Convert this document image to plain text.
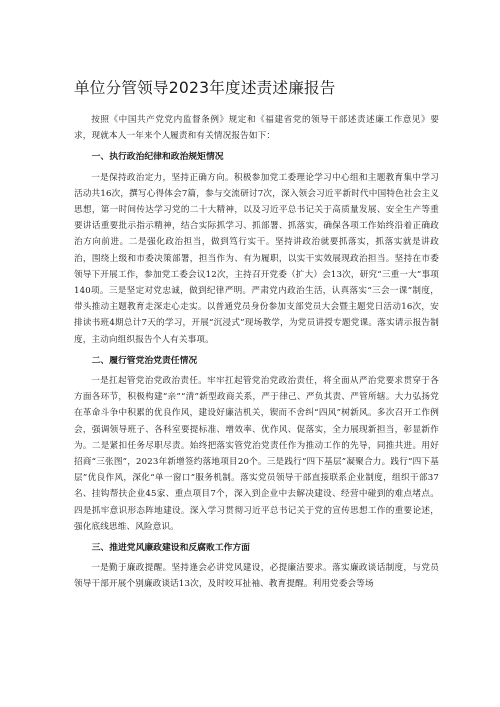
单位分管领导2023年度述责述廉报告

按照《中国共产党党内监督条例》规定和《福建省党的领导干部述责述廉工作意见》要求，现就本人一年来个人履责和有关情况报告如下：

一、执行政治纪律和政治规矩情况

一是保持政治定力，坚持正确方向。积极参加党工委理论学习中心组和主题教育集中学习活动共16次，撰写心得体会7篇，参与交流研讨7次，深入领会习近平新时代中国特色社会主义思想，第一时间传达学习党的二十大精神，以及习近平总书记关于高质量发展、安全生产等重要讲话重要批示指示精神，结合实际抓学习、抓部署、抓落实，确保各项工作始终沿着正确政治方向前进。二是强化政治担当，做到笃行实干。坚持讲政治就要抓落实，抓落实就是讲政治，围绕上级和市委决策部署，担当作为、有为履职，以实干实效展现政治担当。坚持在市委领导下开展工作，参加党工委会议12次，主持召开党委（扩大）会13次，研究“三重一大”事项140项。三是坚定对党忠诚，做到纪律严明。严肃党内政治生活，认真落实“三会一课”制度，带头推动主题教育走深走心走实。以普通党员身份参加支部党员大会暨主题党日活动16次，安排读书班4期总计7天的学习，开展“沉浸式”现场教学，为党员讲授专题党课。落实请示报告制度，主动向组织报告个人有关事项。

二、履行管党治党责任情况

一是扛起管党治党政治责任。牢牢扛起管党治党政治责任，将全面从严治党要求贯穿于各方面各环节，积极构建“亲”“清”新型政商关系，严于律己、严负其责、严管所辖。大力弘扬党在革命斗争中积累的优良作风，建设好廉洁机关，锲而不舍纠“四风”树新风。多次召开工作例会，强调领导班子、各科室要提标准、增效率、优作风、促落实，全力展现新担当，彰显新作为。二是紧扣任务尽职尽责。始终把落实管党治党责任作为推动工作的先导，同推共进。用好招商“三张图”，2023年新增签约落地项目20个。三是践行“四下基层”凝聚合力。践行“四下基层”优良作风，深化“单一窗口”服务机制。落实党员领导干部直接联系企业制度，组织干部37名、挂钩帮扶企业45家、重点项目7个，深入到企业中去解决建设、经营中碰到的难点堵点。四是抓牢意识形态阵地建设。深入学习贯彻习近平总书记关于党的宣传思想工作的重要论述，强化底线思维、风险意识。

三、推进党风廉政建设和反腐败工作方面

一是勤于廉政提醒。坚持逢会必讲党风建设，必提廉洁要求。落实廉政谈话制度，与党员领导干部开展个别廉政谈话13次，及时咬耳扯袖、教育提醒。利用党委会等场
